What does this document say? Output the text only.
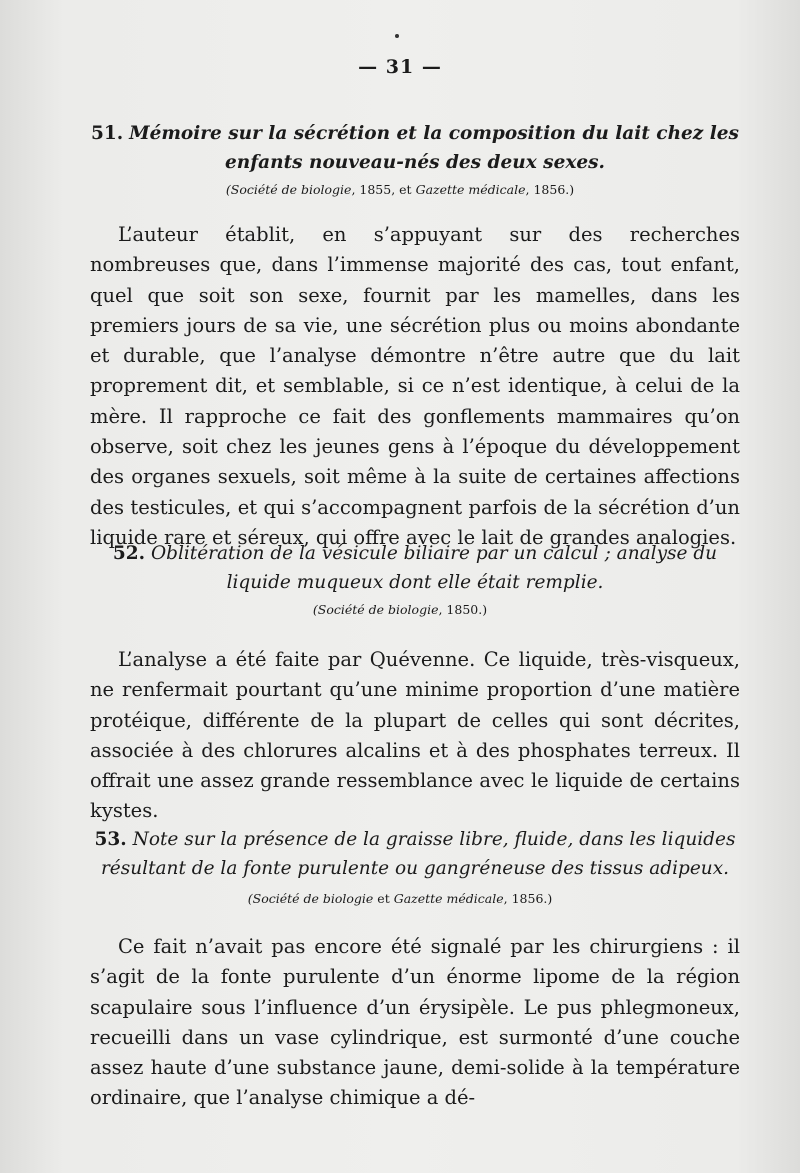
— 31 —
51. Mémoire sur la sécrétion et la composition du lait chez les enfants nouveau-nés des deux sexes.
(Société de biologie, 1855, et Gazette médicale, 1856.)

L’auteur établit, en s’appuyant sur des recherches nombreuses que, dans l’immense majorité des cas, tout enfant, quel que soit son sexe, fournit par les mamelles, dans les premiers jours de sa vie, une sécrétion plus ou moins abondante et durable, que l’analyse démontre n’être autre que du lait proprement dit, et semblable, si ce n’est identique, à celui de la mère. Il rapproche ce fait des gonflements mammaires qu’on observe, soit chez les jeunes gens à l’époque du développement des organes sexuels, soit même à la suite de certaines affections des testicules, et qui s’accompagnent parfois de la sécrétion d’un liquide rare et séreux, qui offre avec le lait de grandes analogies.

52. Oblitération de la vésicule biliaire par un calcul ; analyse du liquide muqueux dont elle était remplie.
(Société de biologie, 1850.)

L’analyse a été faite par Quévenne. Ce liquide, très-visqueux, ne renfermait pourtant qu’une minime proportion d’une matière protéique, différente de la plupart de celles qui sont décrites, associée à des chlorures alcalins et à des phosphates terreux. Il offrait une assez grande ressemblance avec le liquide de certains kystes.

53. Note sur la présence de la graisse libre, fluide, dans les liquides résultant de la fonte purulente ou gangréneuse des tissus adipeux.
(Société de biologie et Gazette médicale, 1856.)

Ce fait n’avait pas encore été signalé par les chirurgiens : il s’agit de la fonte purulente d’un énorme lipome de la région scapulaire sous l’influence d’un érysipèle. Le pus phlegmoneux, recueilli dans un vase cylindrique, est surmonté d’une couche assez haute d’une substance jaune, demi-solide à la température ordinaire, que l’analyse chimique a dé-
